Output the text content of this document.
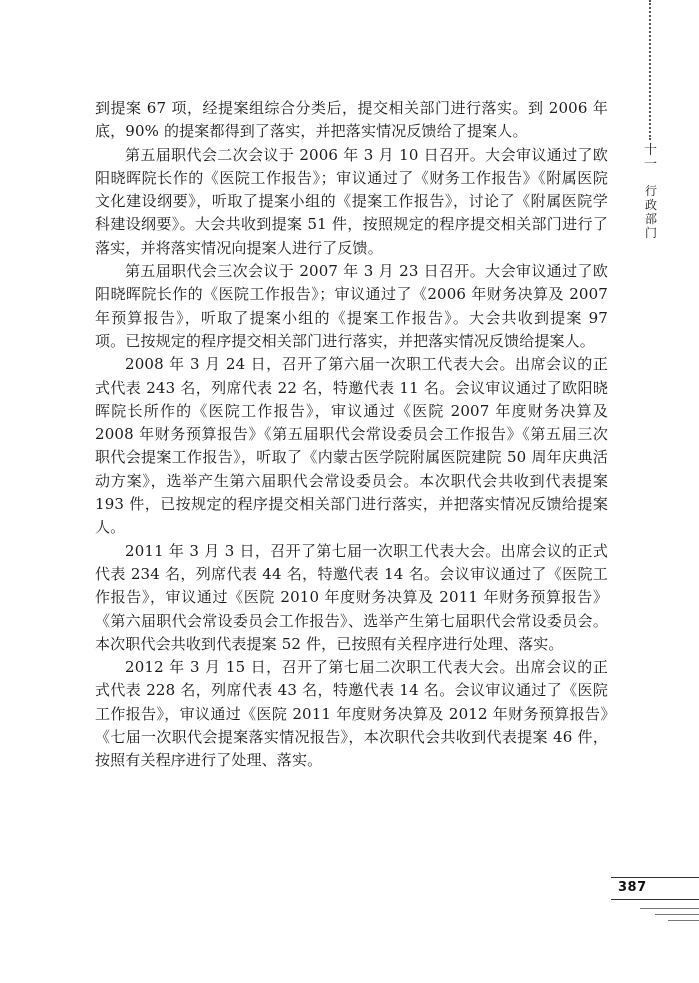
十一
行政部门

到提案 67 项，经提案组综合分类后，提交相关部门进行落实。到 2006 年底，90% 的提案都得到了落实，并把落实情况反馈给了提案人。

第五届职代会二次会议于 2006 年 3 月 10 日召开。大会审议通过了欧阳晓晖院长作的《医院工作报告》；审议通过了《财务工作报告》《附属医院文化建设纲要》，听取了提案小组的《提案工作报告》，讨论了《附属医院学科建设纲要》。大会共收到提案 51 件，按照规定的程序提交相关部门进行了落实，并将落实情况向提案人进行了反馈。

第五届职代会三次会议于 2007 年 3 月 23 日召开。大会审议通过了欧阳晓晖院长作的《医院工作报告》；审议通过了《2006 年财务决算及 2007 年预算报告》，听取了提案小组的《提案工作报告》。大会共收到提案 97 项。已按规定的程序提交相关部门进行落实，并把落实情况反馈给提案人。

2008 年 3 月 24 日，召开了第六届一次职工代表大会。出席会议的正式代表 243 名，列席代表 22 名，特邀代表 11 名。会议审议通过了欧阳晓晖院长所作的《医院工作报告》，审议通过《医院 2007 年度财务决算及 2008 年财务预算报告》《第五届职代会常设委员会工作报告》《第五届三次职代会提案工作报告》，听取了《内蒙古医学院附属医院建院 50 周年庆典活动方案》，选举产生第六届职代会常设委员会。本次职代会共收到代表提案 193 件，已按规定的程序提交相关部门进行落实，并把落实情况反馈给提案人。

2011 年 3 月 3 日，召开了第七届一次职工代表大会。出席会议的正式代表 234 名，列席代表 44 名，特邀代表 14 名。会议审议通过了《医院工作报告》，审议通过《医院 2010 年度财务决算及 2011 年财务预算报告》《第六届职代会常设委员会工作报告》、选举产生第七届职代会常设委员会。本次职代会共收到代表提案 52 件，已按照有关程序进行处理、落实。

2012 年 3 月 15 日，召开了第七届二次职工代表大会。出席会议的正式代表 228 名，列席代表 43 名，特邀代表 14 名。会议审议通过了《医院工作报告》，审议通过《医院 2011 年度财务决算及 2012 年财务预算报告》《七届一次职代会提案落实情况报告》，本次职代会共收到代表提案 46 件，按照有关程序进行了处理、落实。

387
